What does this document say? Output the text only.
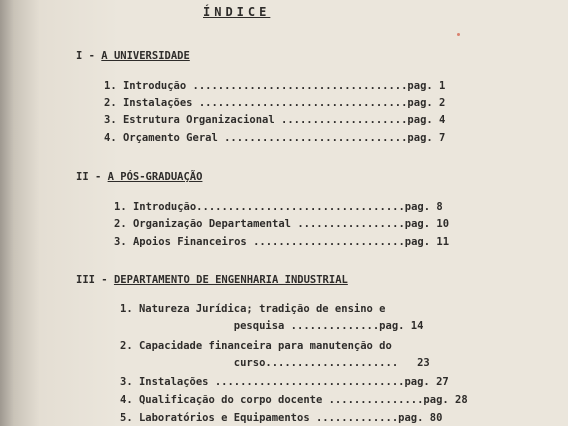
ÍNDICE
I - A UNIVERSIDADE
1. Introdução ..................................pag. 1
2. Instalações .................................pag. 2
3. Estrutura Organizacional ....................pag. 4
4. Orçamento Geral .............................pag. 7
II - A PÓS-GRADUAÇÃO
1. Introdução.................................pag. 8
2. Organização Departamental .................pag. 10
3. Apoios Financeiros ........................pag. 11
III - DEPARTAMENTO DE ENGENHARIA INDUSTRIAL
1. Natureza Jurídica; tradição de ensino e
pesquisa ..............pag. 14
2. Capacidade financeira para manutenção do
curso.....................   23
3. Instalações ..............................pag. 27
4. Qualificação do corpo docente ...............pag. 28
5. Laboratórios e Equipamentos .............pag. 80
